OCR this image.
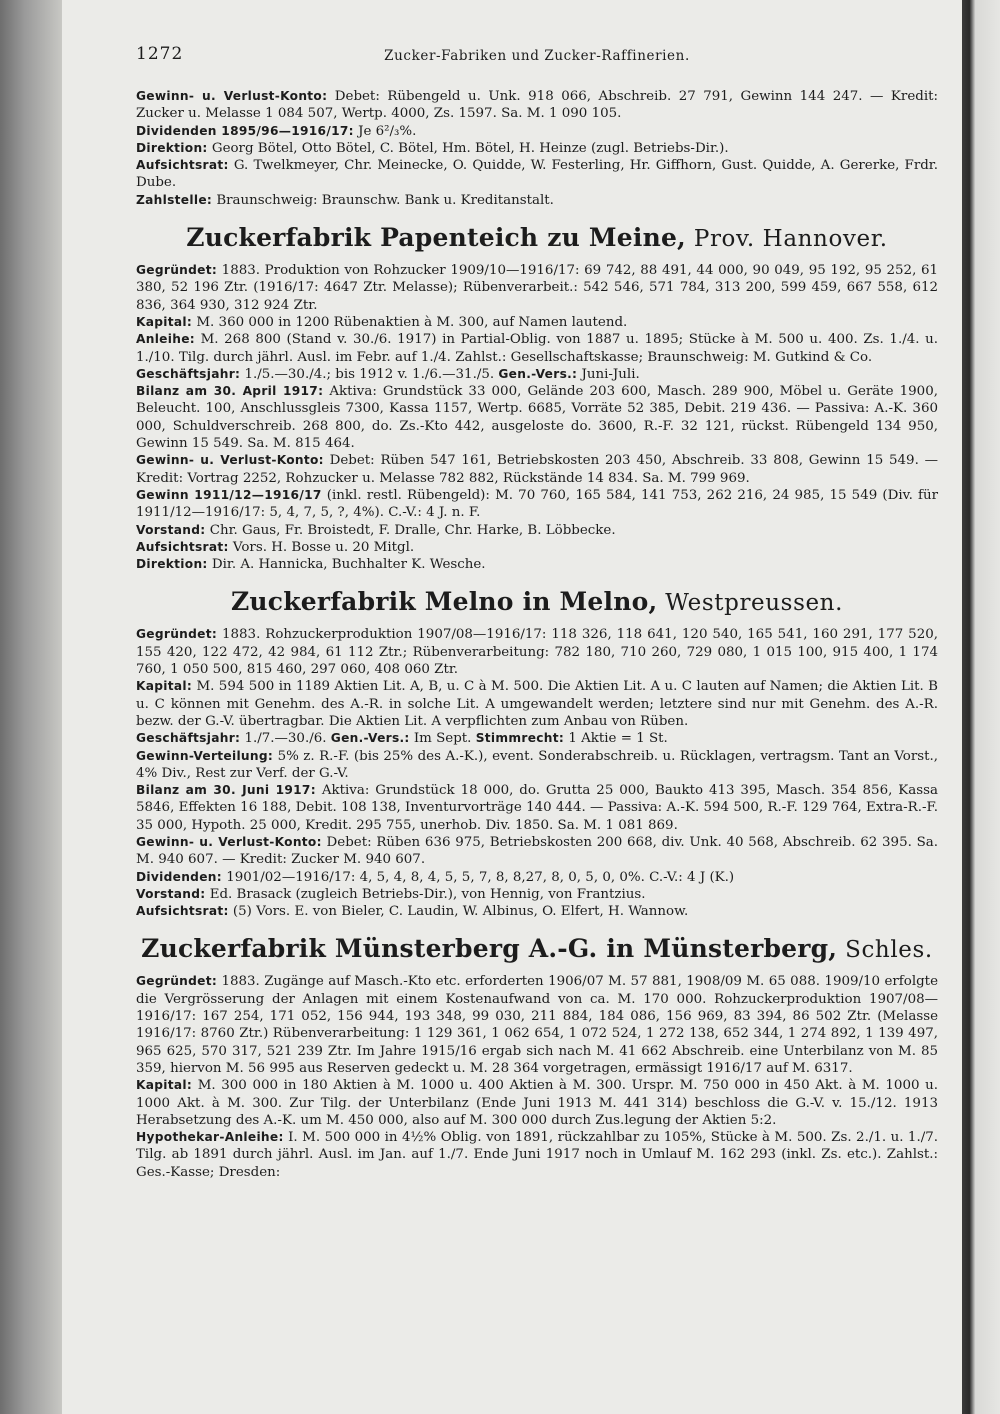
1272	Zucker-Fabriken und Zucker-Raffinerien.

Gewinn- u. Verlust-Konto: Debet: Rübengeld u. Unk. 918 066, Abschreib. 27 791, Gewinn 144 247. — Kredit: Zucker u. Melasse 1 084 507, Wertp. 4000, Zs. 1597. Sa. M. 1 090 105.

Dividenden 1895/96—1916/17: Je 6²/₃%.

Direktion: Georg Bötel, Otto Bötel, C. Bötel, Hm. Bötel, H. Heinze (zugl. Betriebs-Dir.).

Aufsichtsrat: G. Twelkmeyer, Chr. Meinecke, O. Quidde, W. Festerling, Hr. Giffhorn, Gust. Quidde, A. Gererke, Frdr. Dube.

Zahlstelle: Braunschweig: Braunschw. Bank u. Kreditanstalt.

Zuckerfabrik Papenteich zu Meine, Prov. Hannover.

Gegründet: 1883. Produktion von Rohzucker 1909/10—1916/17: 69 742, 88 491, 44 000, 90 049, 95 192, 95 252, 61 380, 52 196 Ztr. (1916/17: 4647 Ztr. Melasse); Rübenverarbeit.: 542 546, 571 784, 313 200, 599 459, 667 558, 612 836, 364 930, 312 924 Ztr.

Kapital: M. 360 000 in 1200 Rübenaktien à M. 300, auf Namen lautend.

Anleihe: M. 268 800 (Stand v. 30./6. 1917) in Partial-Oblig. von 1887 u. 1895; Stücke à M. 500 u. 400. Zs. 1./4. u. 1./10. Tilg. durch jährl. Ausl. im Febr. auf 1./4. Zahlst.: Gesellschaftskasse; Braunschweig: M. Gutkind & Co.

Geschäftsjahr: 1./5.—30./4.; bis 1912 v. 1./6.—31./5. Gen.-Vers.: Juni-Juli.

Bilanz am 30. April 1917: Aktiva: Grundstück 33 000, Gelände 203 600, Masch. 289 900, Möbel u. Geräte 1900, Beleucht. 100, Anschlussgleis 7300, Kassa 1157, Wertp. 6685, Vorräte 52 385, Debit. 219 436. — Passiva: A.-K. 360 000, Schuldverschreib. 268 800, do. Zs.-Kto 442, ausgeloste do. 3600, R.-F. 32 121, rückst. Rübengeld 134 950, Gewinn 15 549. Sa. M. 815 464.

Gewinn- u. Verlust-Konto: Debet: Rüben 547 161, Betriebskosten 203 450, Abschreib. 33 808, Gewinn 15 549. — Kredit: Vortrag 2252, Rohzucker u. Melasse 782 882, Rückstände 14 834. Sa. M. 799 969.

Gewinn 1911/12—1916/17 (inkl. restl. Rübengeld): M. 70 760, 165 584, 141 753, 262 216, 24 985, 15 549 (Div. für 1911/12—1916/17: 5, 4, 7, 5, ?, 4%). C.-V.: 4 J. n. F.

Vorstand: Chr. Gaus, Fr. Broistedt, F. Dralle, Chr. Harke, B. Löbbecke.

Aufsichtsrat: Vors. H. Bosse u. 20 Mitgl.

Direktion: Dir. A. Hannicka, Buchhalter K. Wesche.

Zuckerfabrik Melno in Melno, Westpreussen.

Gegründet: 1883. Rohzuckerproduktion 1907/08—1916/17: 118 326, 118 641, 120 540, 165 541, 160 291, 177 520, 155 420, 122 472, 42 984, 61 112 Ztr.; Rübenverarbeitung: 782 180, 710 260, 729 080, 1 015 100, 915 400, 1 174 760, 1 050 500, 815 460, 297 060, 408 060 Ztr.

Kapital: M. 594 500 in 1189 Aktien Lit. A, B, u. C à M. 500. Die Aktien Lit. A u. C lauten auf Namen; die Aktien Lit. B u. C können mit Genehm. des A.-R. in solche Lit. A umgewandelt werden; letztere sind nur mit Genehm. des A.-R. bezw. der G.-V. übertragbar. Die Aktien Lit. A verpflichten zum Anbau von Rüben.

Geschäftsjahr: 1./7.—30./6. Gen.-Vers.: Im Sept. Stimmrecht: 1 Aktie = 1 St.

Gewinn-Verteilung: 5% z. R.-F. (bis 25% des A.-K.), event. Sonderabschreib. u. Rücklagen, vertragsm. Tant an Vorst., 4% Div., Rest zur Verf. der G.-V.

Bilanz am 30. Juni 1917: Aktiva: Grundstück 18 000, do. Grutta 25 000, Baukto 413 395, Masch. 354 856, Kassa 5846, Effekten 16 188, Debit. 108 138, Inventurvorträge 140 444. — Passiva: A.-K. 594 500, R.-F. 129 764, Extra-R.-F. 35 000, Hypoth. 25 000, Kredit. 295 755, unerhob. Div. 1850. Sa. M. 1 081 869.

Gewinn- u. Verlust-Konto: Debet: Rüben 636 975, Betriebskosten 200 668, div. Unk. 40 568, Abschreib. 62 395. Sa. M. 940 607. — Kredit: Zucker M. 940 607.

Dividenden: 1901/02—1916/17: 4, 5, 4, 8, 4, 5, 5, 7, 8, 8,27, 8, 0, 5, 0, 0%. C.-V.: 4 J (K.)

Vorstand: Ed. Brasack (zugleich Betriebs-Dir.), von Hennig, von Frantzius.

Aufsichtsrat: (5) Vors. E. von Bieler, C. Laudin, W. Albinus, O. Elfert, H. Wannow.

Zuckerfabrik Münsterberg A.-G. in Münsterberg, Schles.

Gegründet: 1883. Zugänge auf Masch.-Kto etc. erforderten 1906/07 M. 57 881, 1908/09 M. 65 088. 1909/10 erfolgte die Vergrösserung der Anlagen mit einem Kostenaufwand von ca. M. 170 000. Rohzuckerproduktion 1907/08—1916/17: 167 254, 171 052, 156 944, 193 348, 99 030, 211 884, 184 086, 156 969, 83 394, 86 502 Ztr. (Melasse 1916/17: 8760 Ztr.) Rübenverarbeitung: 1 129 361, 1 062 654, 1 072 524, 1 272 138, 652 344, 1 274 892, 1 139 497, 965 625, 570 317, 521 239 Ztr. Im Jahre 1915/16 ergab sich nach M. 41 662 Abschreib. eine Unterbilanz von M. 85 359, hiervon M. 56 995 aus Reserven gedeckt u. M. 28 364 vorgetragen, ermässigt 1916/17 auf M. 6317.

Kapital: M. 300 000 in 180 Aktien à M. 1000 u. 400 Aktien à M. 300. Urspr. M. 750 000 in 450 Akt. à M. 1000 u. 1000 Akt. à M. 300. Zur Tilg. der Unterbilanz (Ende Juni 1913 M. 441 314) beschloss die G.-V. v. 15./12. 1913 Herabsetzung des A.-K. um M. 450 000, also auf M. 300 000 durch Zus.legung der Aktien 5:2.

Hypothekar-Anleihe: I. M. 500 000 in 4½% Oblig. von 1891, rückzahlbar zu 105%, Stücke à M. 500. Zs. 2./1. u. 1./7. Tilg. ab 1891 durch jährl. Ausl. im Jan. auf 1./7. Ende Juni 1917 noch in Umlauf M. 162 293 (inkl. Zs. etc.). Zahlst.: Ges.-Kasse; Dresden:
